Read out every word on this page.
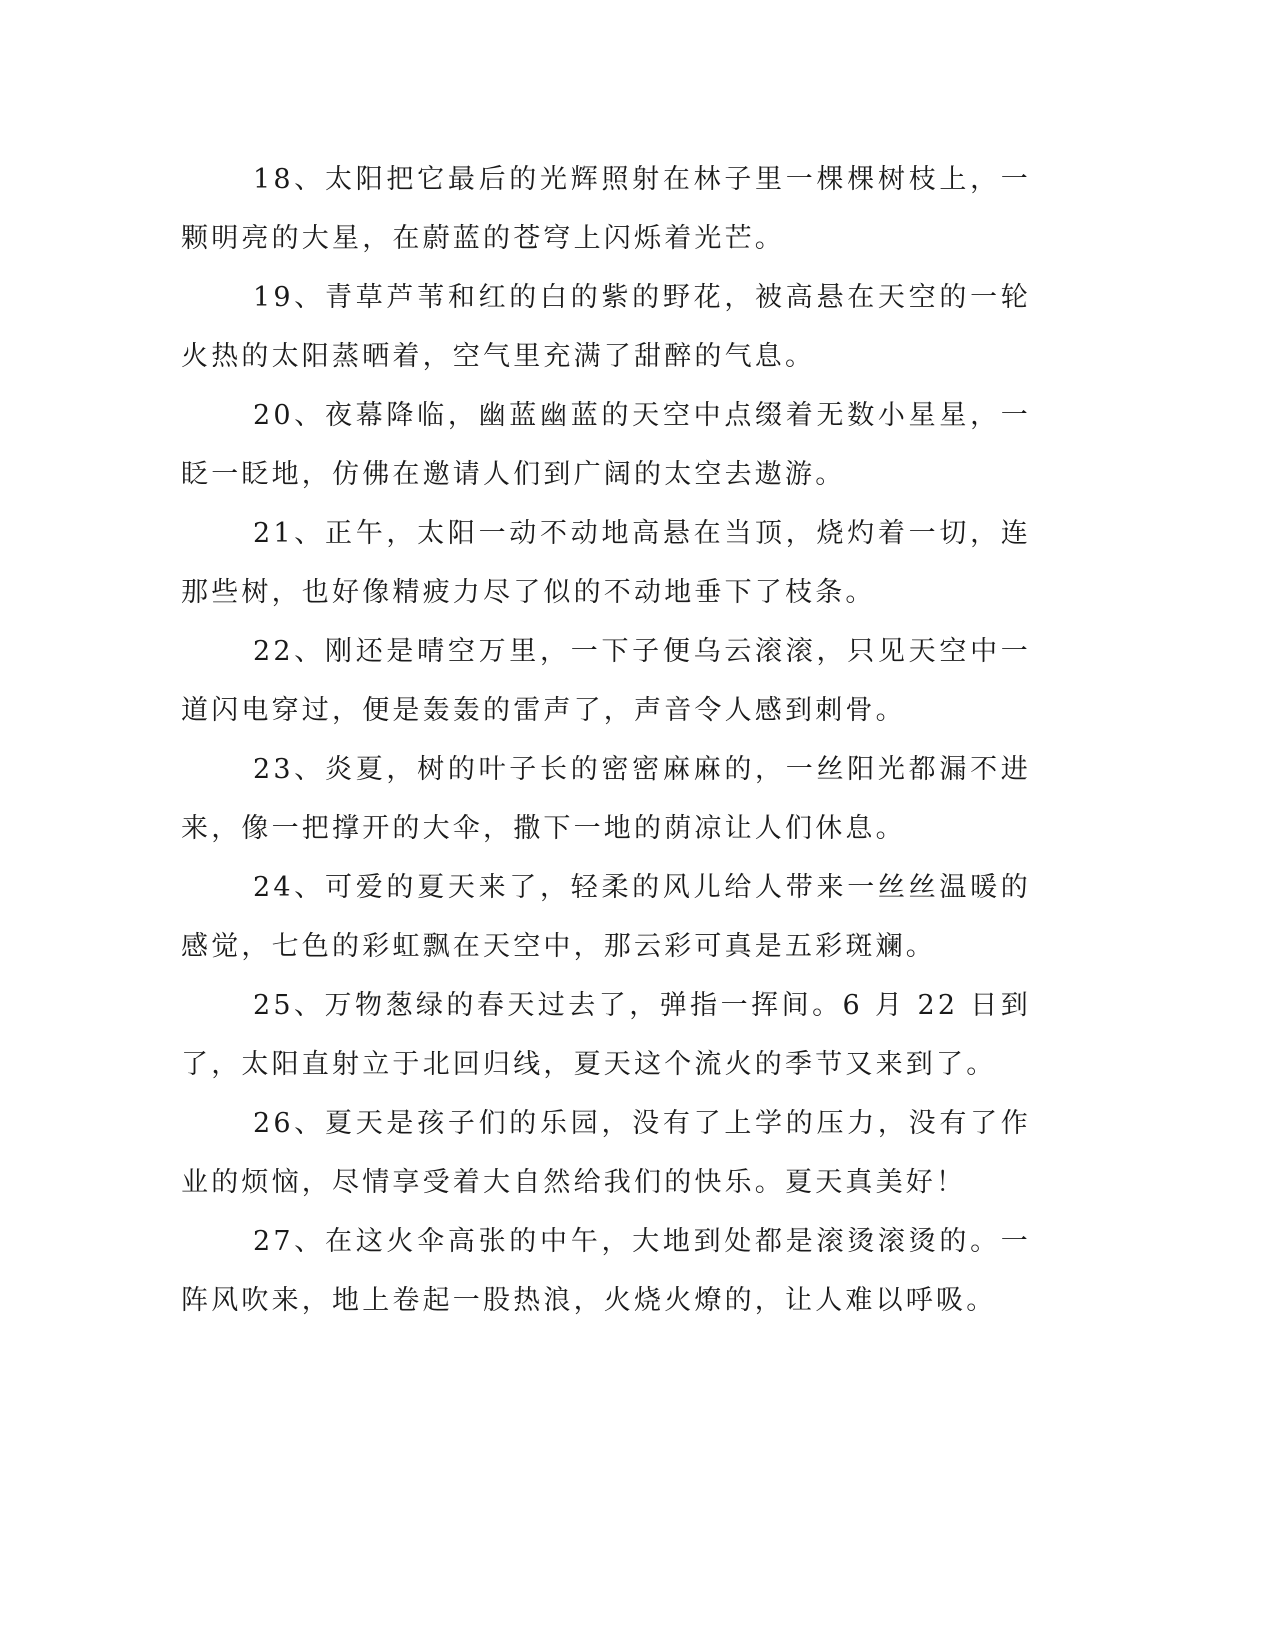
18、太阳把它最后的光辉照射在林子里一棵棵树枝上，一颗明亮的大星，在蔚蓝的苍穹上闪烁着光芒。

19、青草芦苇和红的白的紫的野花，被高悬在天空的一轮火热的太阳蒸晒着，空气里充满了甜醉的气息。

20、夜幕降临，幽蓝幽蓝的天空中点缀着无数小星星，一眨一眨地，仿佛在邀请人们到广阔的太空去遨游。

21、正午，太阳一动不动地高悬在当顶，烧灼着一切，连那些树，也好像精疲力尽了似的不动地垂下了枝条。

22、刚还是晴空万里，一下子便乌云滚滚，只见天空中一道闪电穿过，便是轰轰的雷声了，声音令人感到刺骨。

23、炎夏，树的叶子长的密密麻麻的，一丝阳光都漏不进来，像一把撑开的大伞，撒下一地的荫凉让人们休息。

24、可爱的夏天来了，轻柔的风儿给人带来一丝丝温暖的感觉，七色的彩虹飘在天空中，那云彩可真是五彩斑斓。

25、万物葱绿的春天过去了，弹指一挥间。6 月 22 日到了，太阳直射立于北回归线，夏天这个流火的季节又来到了。

26、夏天是孩子们的乐园，没有了上学的压力，没有了作业的烦恼，尽情享受着大自然给我们的快乐。夏天真美好！

27、在这火伞高张的中午，大地到处都是滚烫滚烫的。一阵风吹来，地上卷起一股热浪，火烧火燎的，让人难以呼吸。
